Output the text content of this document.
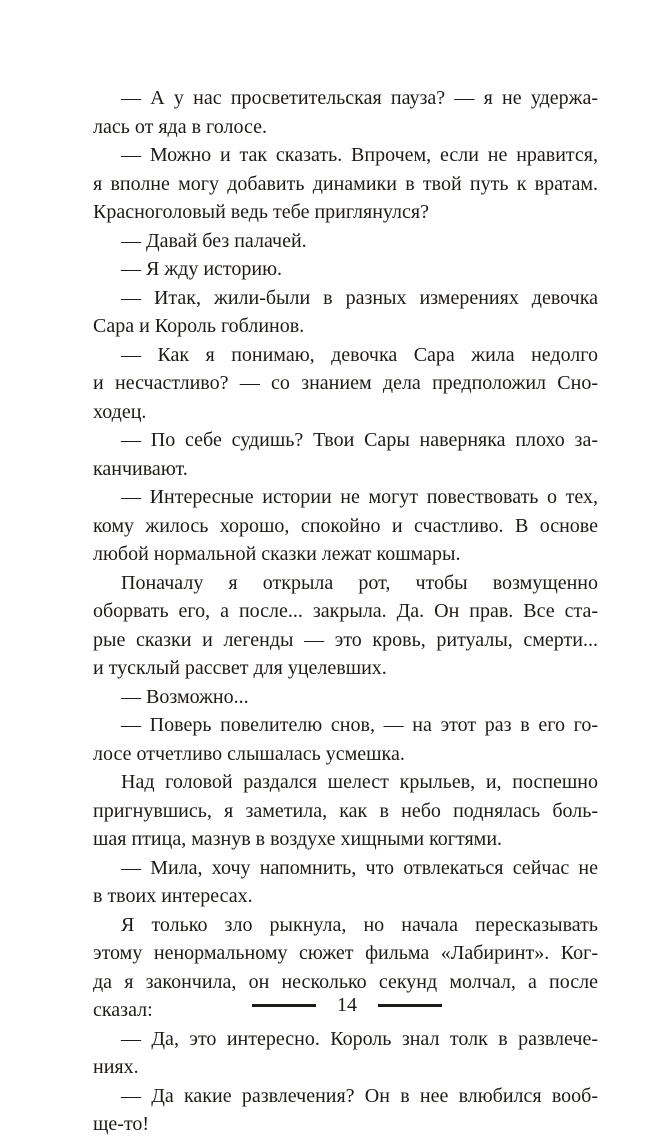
— А у нас просветительская пауза? — я не удержа-
лась от яда в голосе.
— Можно и так сказать. Впрочем, если не нравится,
я вполне могу добавить динамики в твой путь к вратам.
Красноголовый ведь тебе приглянулся?
— Давай без палачей.
— Я жду историю.
— Итак, жили-были в разных измерениях девочка
Сара и Король гоблинов.
— Как я понимаю, девочка Сара жила недолго
и несчастливо? — со знанием дела предположил Сно-
ходец.
— По себе судишь? Твои Сары наверняка плохо за-
канчивают.
— Интересные истории не могут повествовать о тех,
кому жилось хорошо, спокойно и счастливо. В основе
любой нормальной сказки лежат кошмары.
Поначалу я открыла рот, чтобы возмущенно
оборвать его, а после... закрыла. Да. Он прав. Все ста-
рые сказки и легенды — это кровь, ритуалы, смерти...
и тусклый рассвет для уцелевших.
— Возможно...
— Поверь повелителю снов, — на этот раз в его го-
лосе отчетливо слышалась усмешка.
Над головой раздался шелест крыльев, и, поспешно
пригнувшись, я заметила, как в небо поднялась боль-
шая птица, мазнув в воздухе хищными когтями.
— Мила, хочу напомнить, что отвлекаться сейчас не
в твоих интересах.
Я только зло рыкнула, но начала пересказывать
этому ненормальному сюжет фильма «Лабиринт». Ког-
да я закончила, он несколько секунд молчал, а после
сказал:
— Да, это интересно. Король знал толк в развлече-
ниях.
— Да какие развлечения? Он в нее влюбился вооб-
ще-то!
14
